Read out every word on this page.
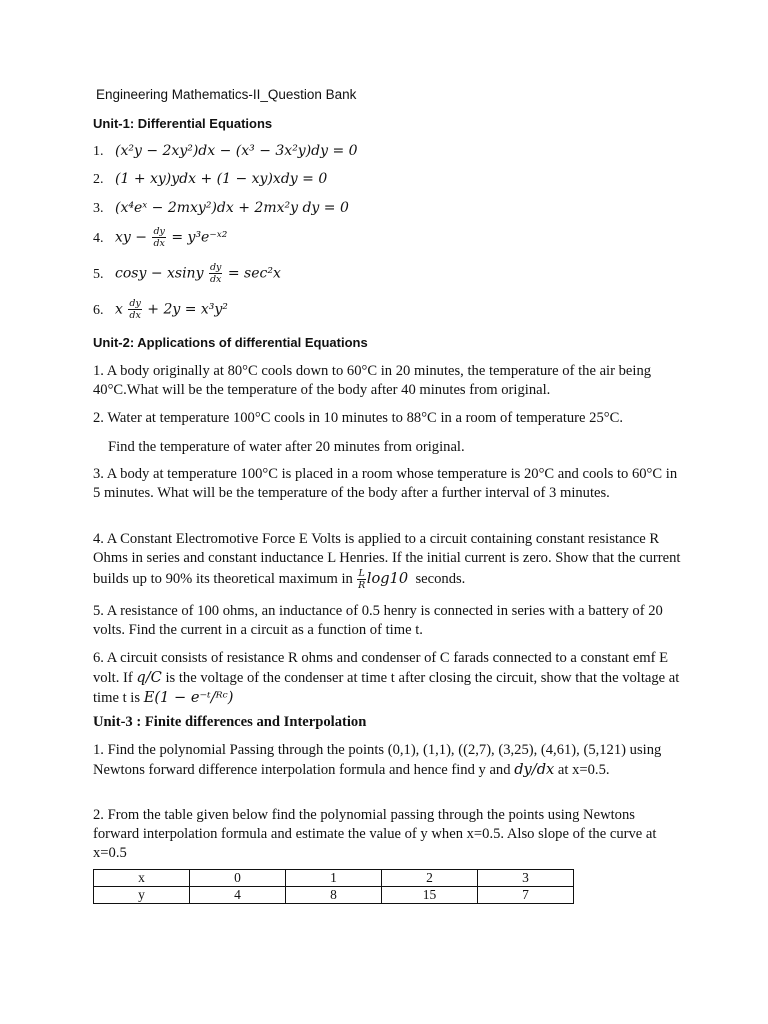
Engineering Mathematics-II_Question Bank
Unit-1: Differential Equations
1. (x²y − 2xy²)dx − (x³ − 3x²y)dy = 0
2. (1 + xy)ydx + (1 − xy)xdy = 0
3. (x⁴eˣ − 2mxy²)dx + 2mx²y dy = 0
4. xy − $\frac{dy}{dx}$ = y³e⁻ˣ²
5. cosy − xsiny $\frac{dy}{dx} = \sec^2x$
6. x $\frac{dy}{dx} + 2y = x^3y^2$
Unit-2: Applications of differential Equations
1. A body originally at 80°C cools down to 60°C in 20 minutes, the temperature of the air being 40°C.What will be the temperature of the body after 40 minutes from original.
2. Water at temperature 100°C cools in 10 minutes to 88°C in a room of temperature 25°C.
Find the temperature of water after 20 minutes from original.
3. A body at temperature 100°C is placed in a room whose temperature is 20°C and cools to 60°C in 5 minutes. What will be the temperature of the body after a further interval of 3 minutes.
4. A Constant Electromotive Force E Volts is applied to a circuit containing constant resistance R Ohms in series and constant inductance L Henries. If the initial current is zero. Show that the current builds up to 90% its theoretical maximum in $\frac{L}{R} \log 10$ seconds.
5. A resistance of 100 ohms, an inductance of 0.5 henry is connected in series with a battery of 20 volts. Find the current in a circuit as a function of time t.
6. A circuit consists of resistance R ohms and condenser of C farads connected to a constant emf E volt. If q/C is the voltage of the condenser at time t after closing the circuit, show that the voltage at time t is E(1 − e⁻ᵗ/ᴿᶜ)
Unit-3 : Finite differences and Interpolation
1. Find the polynomial Passing through the points (0,1), (1,1), ((2,7), (3,25), (4,61), (5,121) using Newtons forward difference interpolation formula and hence find y and dy/dx at x=0.5.
2. From the table given below find the polynomial passing through the points using Newtons forward interpolation formula and estimate the value of y when x=0.5. Also slope of the curve at x=0.5
x	0	1	2	3
y	4	8	15	7
